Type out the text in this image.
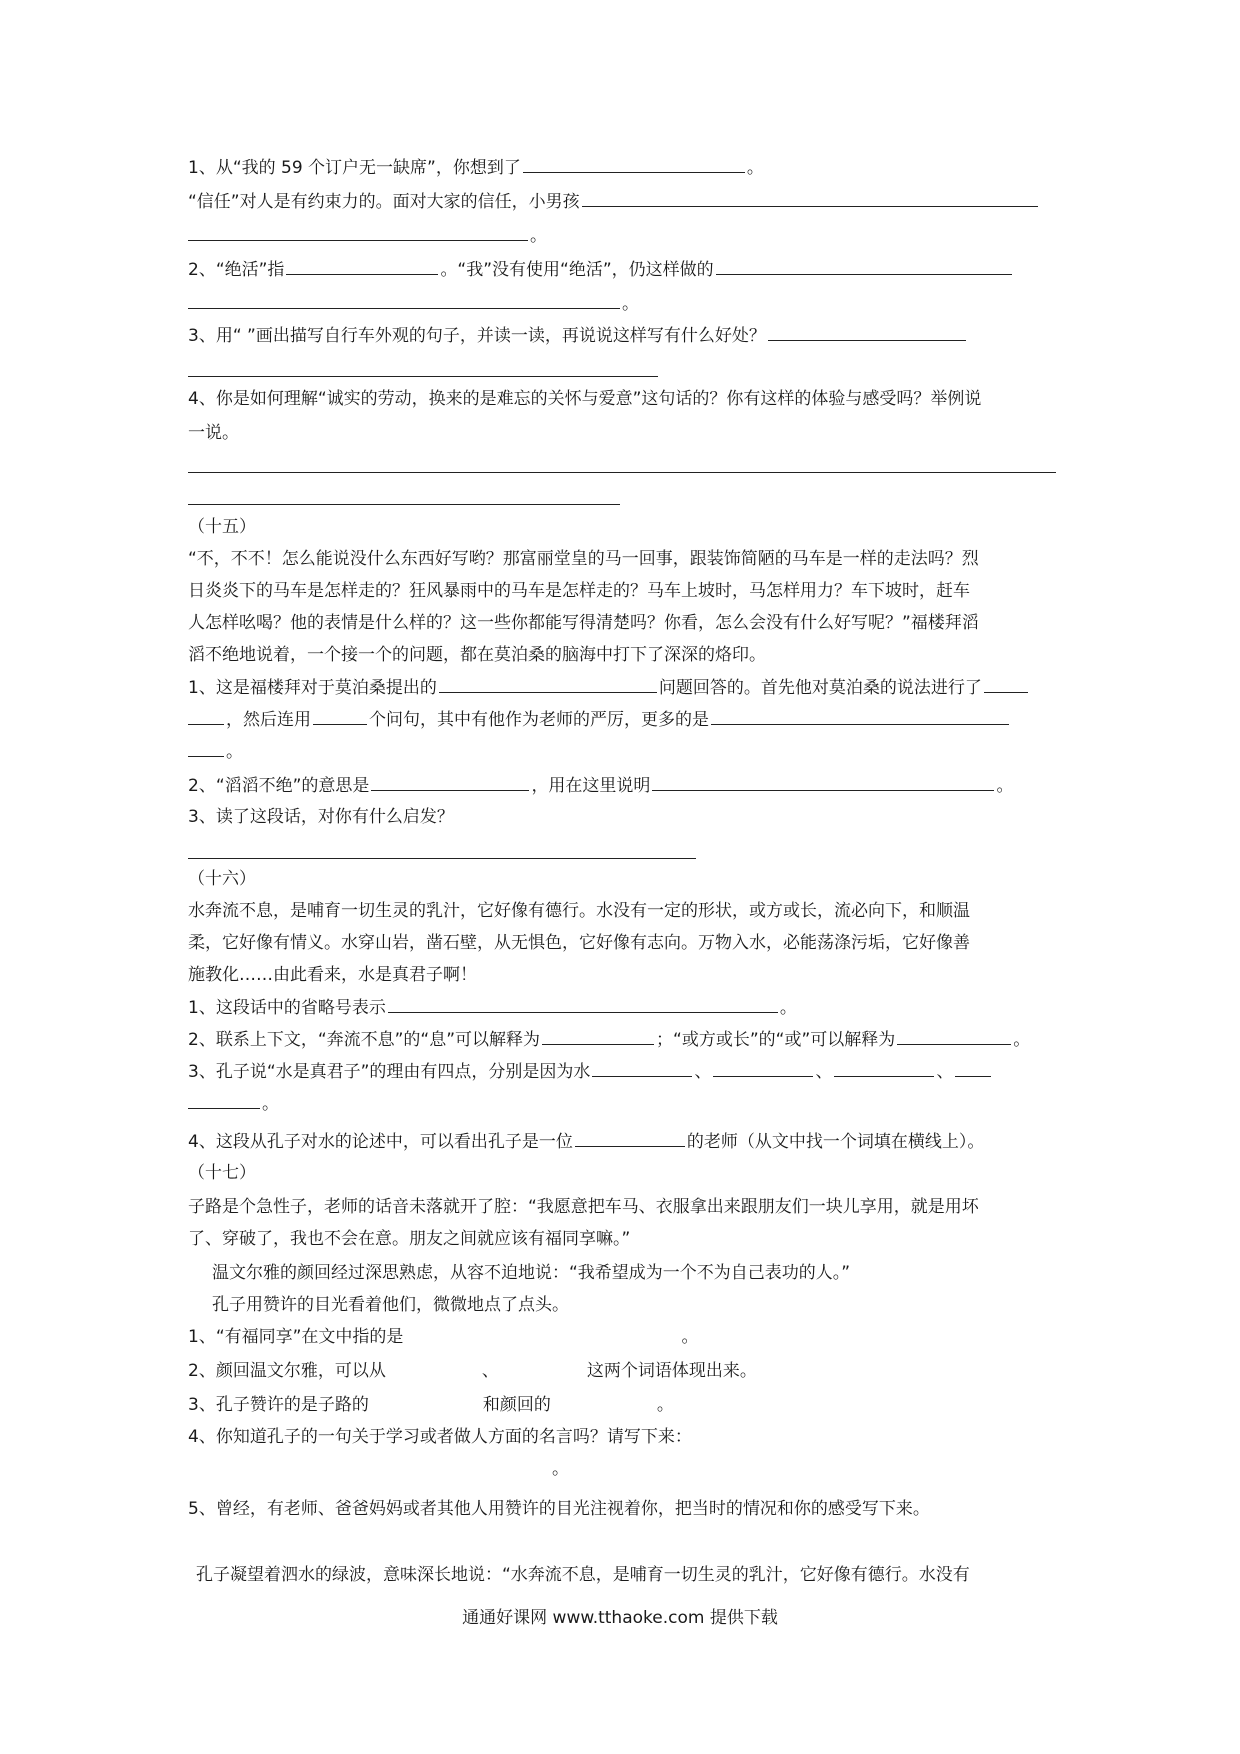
1、从“我的 59 个订户无一缺席”，你想到了	。
“信任”对人是有约束力的。面对大家的信任，小男孩
。
2、“绝活”指	。“我”没有使用“绝活”，仍这样做的
。
3、用“ ”画出描写自行车外观的句子，并读一读，再说说这样写有什么好处？
4、你是如何理解“诚实的劳动，换来的是难忘的关怀与爱意”这句话的？你有这样的体验与感受吗？举例说
一说。
（十五）
“不，不不！怎么能说没什么东西好写哟？那富丽堂皇的马一回事，跟装饰简陋的马车是一样的走法吗？烈
日炎炎下的马车是怎样走的？狂风暴雨中的马车是怎样走的？马车上坡时，马怎样用力？车下坡时，赶车
人怎样吆喝？他的表情是什么样的？这一些你都能写得清楚吗？你看，怎么会没有什么好写呢？”福楼拜滔
滔不绝地说着，一个接一个的问题，都在莫泊桑的脑海中打下了深深的烙印。
1、这是福楼拜对于莫泊桑提出的	问题回答的。首先他对莫泊桑的说法进行了
，然后连用	个问句，其中有他作为老师的严厉，更多的是
。
2、“滔滔不绝”的意思是	，用在这里说明	。
3、读了这段话，对你有什么启发？
（十六）
水奔流不息，是哺育一切生灵的乳汁，它好像有德行。水没有一定的形状，或方或长，流必向下，和顺温
柔，它好像有情义。水穿山岩，凿石壁，从无惧色，它好像有志向。万物入水，必能荡涤污垢，它好像善
施教化……由此看来，水是真君子啊！
1、这段话中的省略号表示	。
2、联系上下文，“奔流不息”的“息”可以解释为	；“或方或长”的“或”可以解释为	。
3、孔子说“水是真君子”的理由有四点，分别是因为水	、	、	、
。
4、这段从孔子对水的论述中，可以看出孔子是一位	的老师（从文中找一个词填在横线上）。
（十七）
子路是个急性子，老师的话音未落就开了腔：“我愿意把车马、衣服拿出来跟朋友们一块儿享用，就是用坏
了、穿破了，我也不会在意。朋友之间就应该有福同享嘛。”
温文尔雅的颜回经过深思熟虑，从容不迫地说：“我希望成为一个不为自己表功的人。”
孔子用赞许的目光看着他们，微微地点了点头。
1、“有福同享”在文中指的是	。
2、颜回温文尔雅，可以从	、	这两个词语体现出来。
3、孔子赞许的是子路的	和颜回的	。
4、你知道孔子的一句关于学习或者做人方面的名言吗？请写下来：
。
5、曾经，有老师、爸爸妈妈或者其他人用赞许的目光注视着你，把当时的情况和你的感受写下来。
孔子凝望着泗水的绿波，意味深长地说：“水奔流不息，是哺育一切生灵的乳汁，它好像有德行。水没有
通通好课网 www.tthaoke.com 提供下载
